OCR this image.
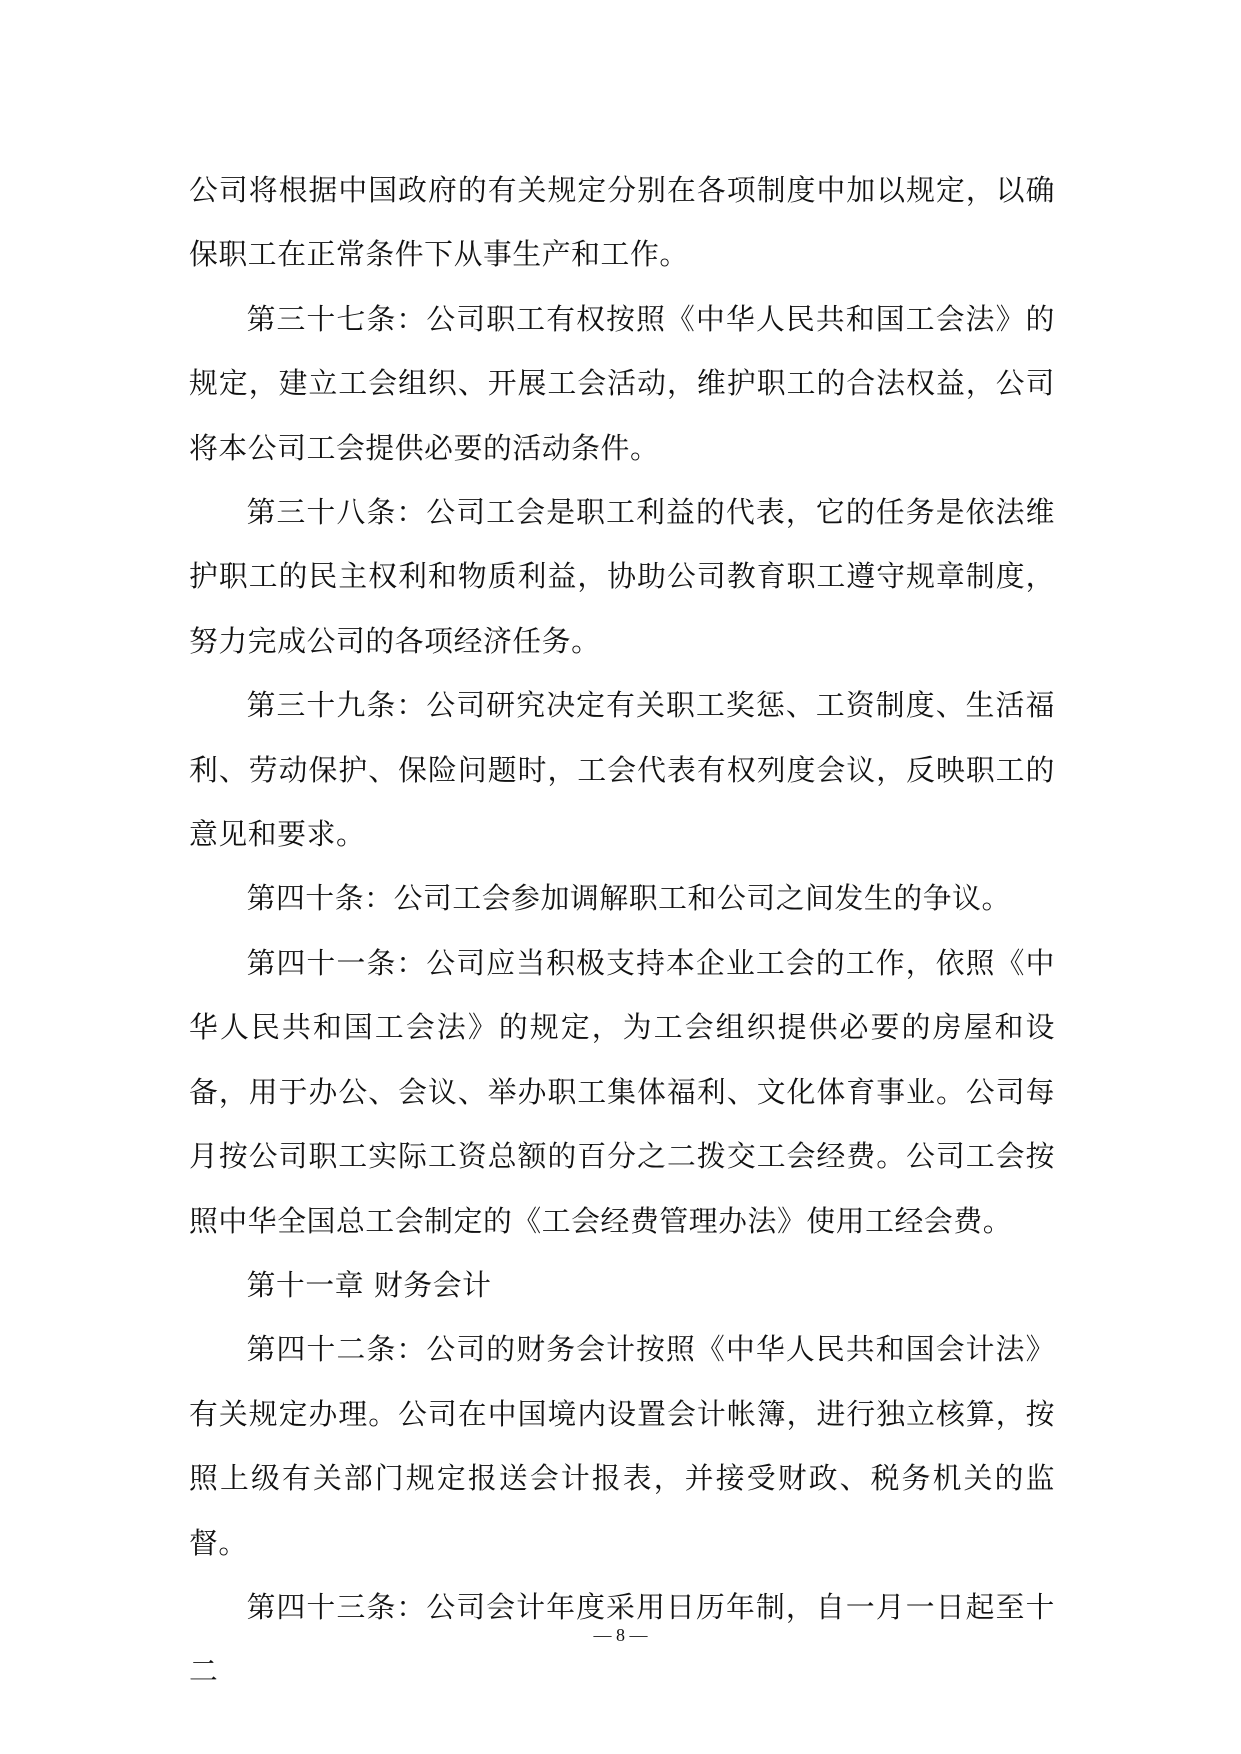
公司将根据中国政府的有关规定分别在各项制度中加以规定，以确保职工在正常条件下从事生产和工作。

第三十七条：公司职工有权按照《中华人民共和国工会法》的规定，建立工会组织、开展工会活动，维护职工的合法权益，公司将本公司工会提供必要的活动条件。

第三十八条：公司工会是职工利益的代表，它的任务是依法维护职工的民主权利和物质利益，协助公司教育职工遵守规章制度，努力完成公司的各项经济任务。

第三十九条：公司研究决定有关职工奖惩、工资制度、生活福利、劳动保护、保险问题时，工会代表有权列度会议，反映职工的意见和要求。

第四十条：公司工会参加调解职工和公司之间发生的争议。

第四十一条：公司应当积极支持本企业工会的工作，依照《中华人民共和国工会法》的规定，为工会组织提供必要的房屋和设备，用于办公、会议、举办职工集体福利、文化体育事业。公司每月按公司职工实际工资总额的百分之二拨交工会经费。公司工会按照中华全国总工会制定的《工会经费管理办法》使用工经会费。

第十一章 财务会计

第四十二条：公司的财务会计按照《中华人民共和国会计法》有关规定办理。公司在中国境内设置会计帐簿，进行独立核算，按照上级有关部门规定报送会计报表，并接受财政、税务机关的监督。

第四十三条：公司会计年度采用日历年制，自一月一日起至十二

— 8 —
